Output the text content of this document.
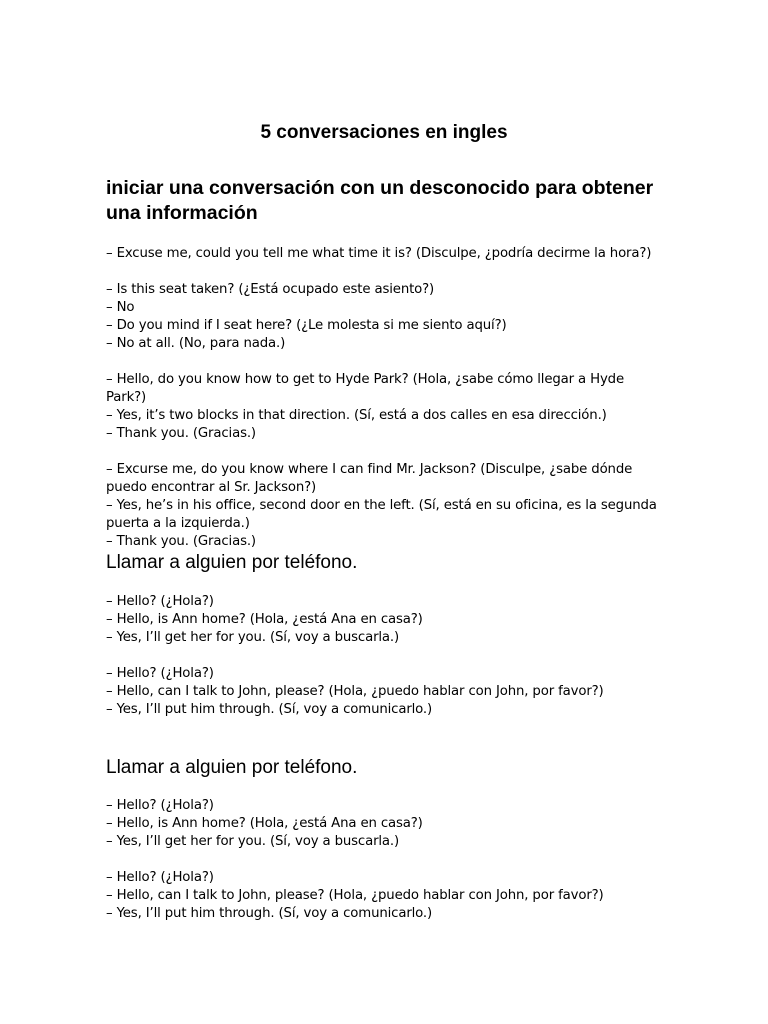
5 conversaciones en ingles
iniciar una conversación con un desconocido para obtener una información
– Excuse me, could you tell me what time it is? (Disculpe, ¿podría decirme la hora?)
– Is this seat taken? (¿Está ocupado este asiento?)
– No
– Do you mind if I seat here? (¿Le molesta si me siento aquí?)
– No at all. (No, para nada.)
– Hello, do you know how to get to Hyde Park? (Hola, ¿sabe cómo llegar a Hyde
Park?)
– Yes, it’s two blocks in that direction. (Sí, está a dos calles en esa dirección.)
– Thank you. (Gracias.)
– Excurse me, do you know where I can find Mr. Jackson? (Disculpe, ¿sabe dónde
puedo encontrar al Sr. Jackson?)
– Yes, he’s in his office, second door en the left. (Sí, está en su oficina, es la segunda
puerta a la izquierda.)
– Thank you. (Gracias.)
Llamar a alguien por teléfono.
– Hello? (¿Hola?)
– Hello, is Ann home? (Hola, ¿está Ana en casa?)
– Yes, I’ll get her for you. (Sí, voy a buscarla.)
– Hello? (¿Hola?)
– Hello, can I talk to John, please? (Hola, ¿puedo hablar con John, por favor?)
– Yes, I’ll put him through. (Sí, voy a comunicarlo.)
Llamar a alguien por teléfono.
– Hello? (¿Hola?)
– Hello, is Ann home? (Hola, ¿está Ana en casa?)
– Yes, I’ll get her for you. (Sí, voy a buscarla.)
– Hello? (¿Hola?)
– Hello, can I talk to John, please? (Hola, ¿puedo hablar con John, por favor?)
– Yes, I’ll put him through. (Sí, voy a comunicarlo.)
